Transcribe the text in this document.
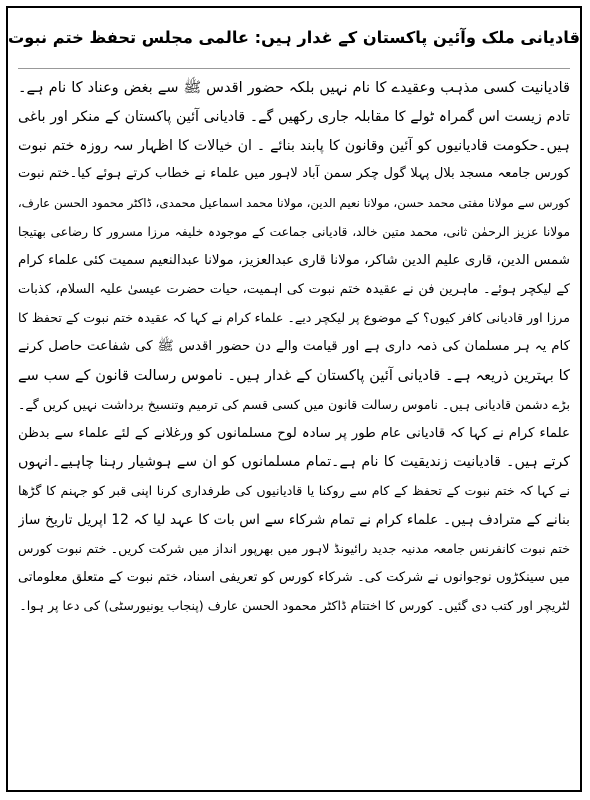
قادیانی ملک وآئین پاکستان کے غدار ہیں: عالمی مجلس تحفظ ختم نبوت
قادیانیت کسی مذہب وعقیدے کا نام نہیں بلکہ حضور اقدس ﷺ سے بغض وعناد کا نام ہے۔
تادم زیست اس گمراہ ٹولے کا مقابلہ جاری رکھیں گے۔ قادیانی آئین پاکستان کے منکر اور باغی
ہیں۔حکومت قادیانیوں کو آئین وقانون کا پابند بنائے ۔ ان خیالات کا اظہار سہ روزہ ختم نبوت
کورس جامعہ مسجد بلال پہلا گول چکر سمن آباد لاہور میں علماء نے خطاب کرتے ہوئے کیا۔ختم نبوت
کورس سے مولانا مفتی محمد حسن، مولانا نعیم الدین، مولانا محمد اسماعیل محمدی، ڈاکٹر محمود الحسن عارف،
مولانا عزیز الرحمٰن ثانی، محمد متین خالد، قادیانی جماعت کے موجودہ خلیفہ مرزا مسرور کا رضاعی بھتیجا
شمس الدین، قاری علیم الدین شاکر، مولانا قاری عبدالعزیز، مولانا عبدالنعیم سمیت کئی علماء کرام
کے لیکچر ہوئے۔ ماہرین فن نے عقیدہ ختم نبوت کی اہمیت، حیات حضرت عیسیٰ علیہ السلام، کذبات
مرزا اور قادیانی کافر کیوں؟ کے موضوع پر لیکچر دیے۔ علماء کرام نے کہا کہ عقیدہ ختم نبوت کے تحفظ کا
کام یہ ہر مسلمان کی ذمہ داری ہے اور قیامت والے دن حضور اقدس ﷺ کی شفاعت حاصل کرنے
کا بہترین ذریعہ ہے۔ قادیانی آئین پاکستان کے غدار ہیں۔ ناموس رسالت قانون کے سب سے
بڑے دشمن قادیانی ہیں۔ ناموس رسالت قانون میں کسی قسم کی ترمیم وتنسیخ برداشت نہیں کریں گے۔
علماء کرام نے کہا کہ قادیانی عام طور پر سادہ لوح مسلمانوں کو ورغلانے کے لئے علماء سے بدظن
کرتے ہیں۔ قادیانیت زندیقیت کا نام ہے۔تمام مسلمانوں کو ان سے ہوشیار رہنا چاہیے۔انہوں
نے کہا کہ ختم نبوت کے تحفظ کے کام سے روکنا یا قادیانیوں کی طرفداری کرنا اپنی قبر کو جہنم کا گڑھا
بنانے کے مترادف ہیں۔ علماء کرام نے تمام شرکاء سے اس بات کا عہد لیا کہ 12 اپریل تاریخ ساز
ختم نبوت کانفرنس جامعہ مدنیہ جدید رائیونڈ لاہور میں بھرپور انداز میں شرکت کریں۔ ختم نبوت کورس
میں سینکڑوں نوجوانوں نے شرکت کی۔ شرکاء کورس کو تعریفی اسناد، ختم نبوت کے متعلق معلوماتی
لٹریچر اور کتب دی گئیں۔ کورس کا اختتام ڈاکٹر محمود الحسن عارف (پنجاب یونیورسٹی) کی دعا پر ہوا۔
